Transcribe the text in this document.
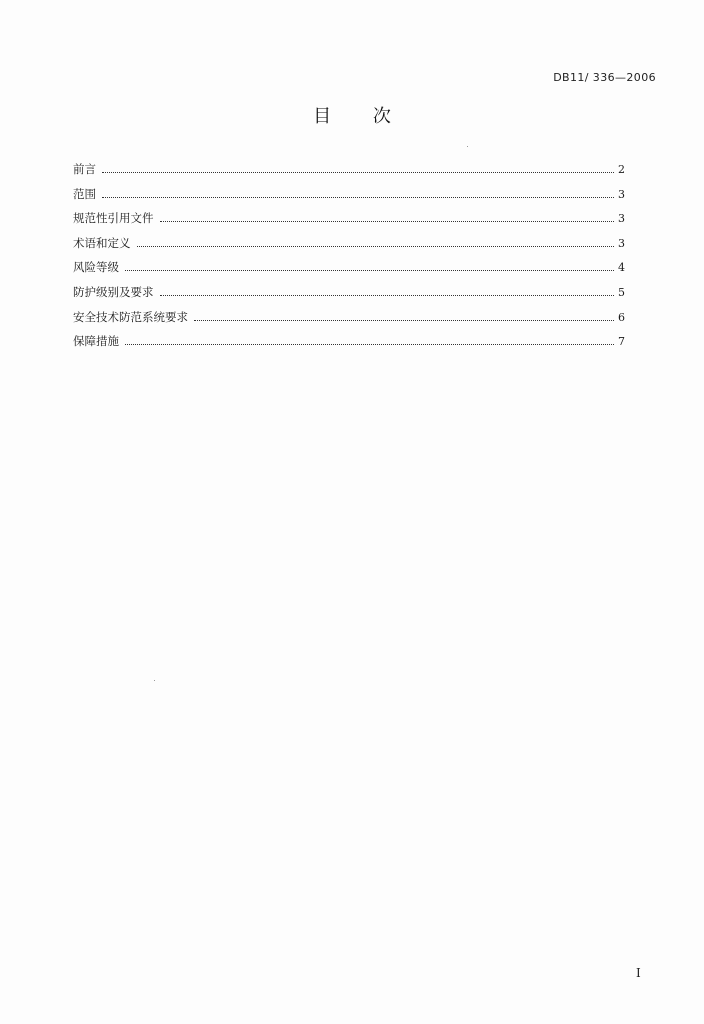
DB11/ 336—2006
目 次
前言	2
范围	3
规范性引用文件	3
术语和定义	3
风险等级	4
防护级别及要求	5
安全技术防范系统要求	6
保障措施	7
I
